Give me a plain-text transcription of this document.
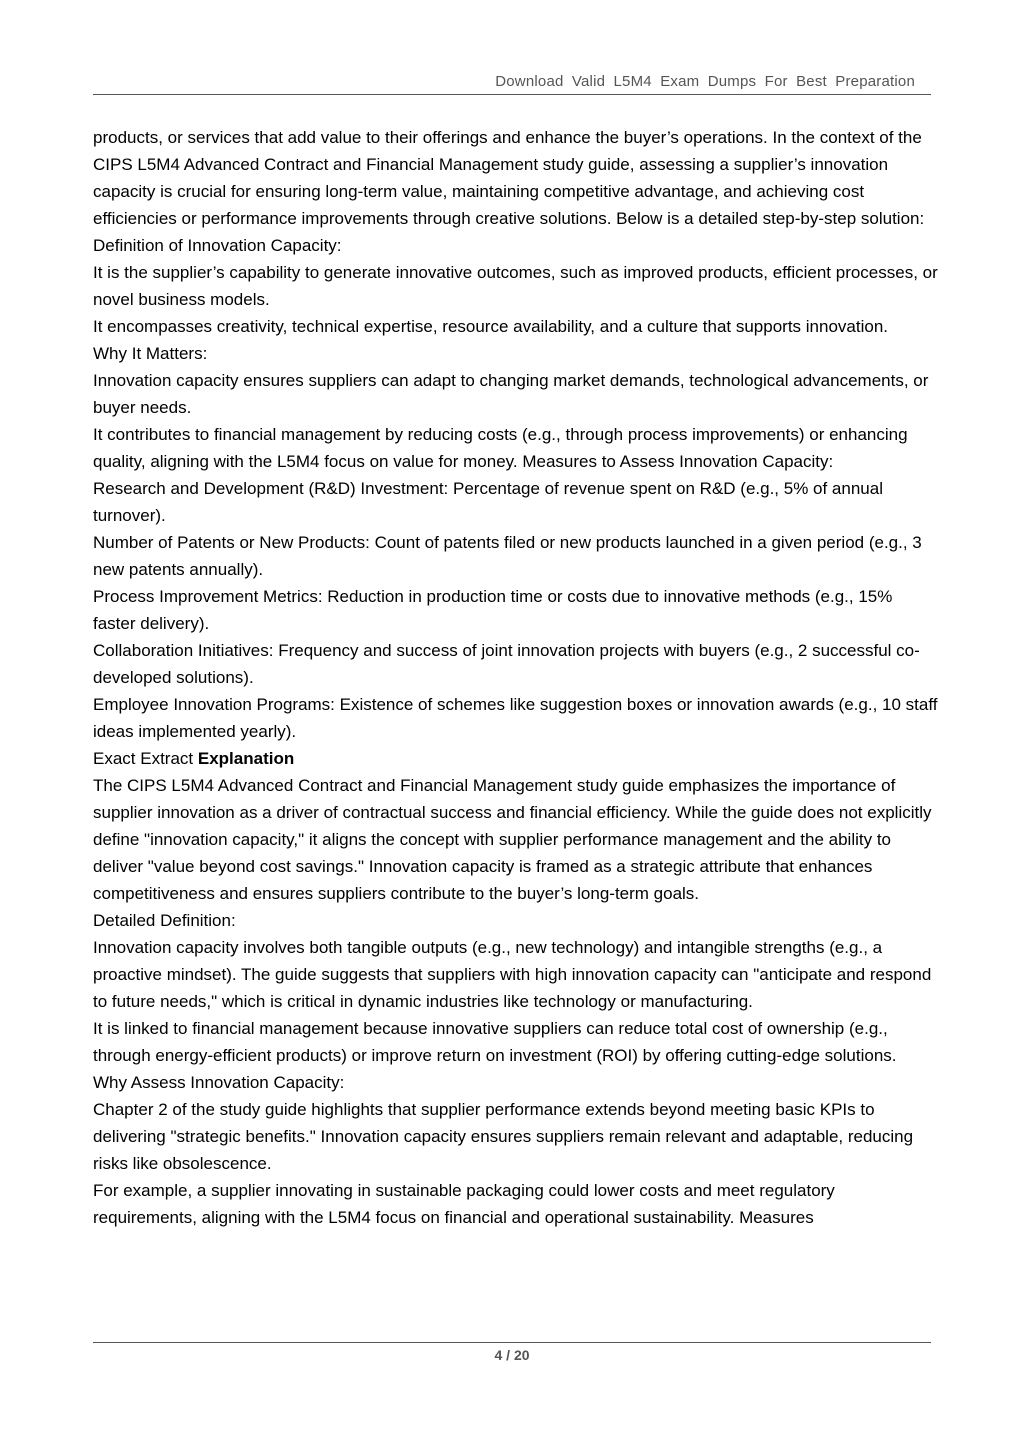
Download Valid L5M4 Exam Dumps For Best Preparation

products, or services that add value to their offerings and enhance the buyer’s operations. In the context of the CIPS L5M4 Advanced Contract and Financial Management study guide, assessing a supplier’s innovation capacity is crucial for ensuring long-term value, maintaining competitive advantage, and achieving cost efficiencies or performance improvements through creative solutions. Below is a detailed step-by-step solution: Definition of Innovation Capacity:

It is the supplier’s capability to generate innovative outcomes, such as improved products, efficient processes, or novel business models.

It encompasses creativity, technical expertise, resource availability, and a culture that supports innovation.

Why It Matters:

Innovation capacity ensures suppliers can adapt to changing market demands, technological advancements, or buyer needs.

It contributes to financial management by reducing costs (e.g., through process improvements) or enhancing quality, aligning with the L5M4 focus on value for money. Measures to Assess Innovation Capacity:

Research and Development (R&D) Investment: Percentage of revenue spent on R&D (e.g., 5% of annual turnover).

Number of Patents or New Products: Count of patents filed or new products launched in a given period (e.g., 3 new patents annually).

Process Improvement Metrics: Reduction in production time or costs due to innovative methods (e.g., 15% faster delivery).

Collaboration Initiatives: Frequency and success of joint innovation projects with buyers (e.g., 2 successful co-developed solutions).

Employee Innovation Programs: Existence of schemes like suggestion boxes or innovation awards (e.g., 10 staff ideas implemented yearly).

Exact Extract Explanation

The CIPS L5M4 Advanced Contract and Financial Management study guide emphasizes the importance of supplier innovation as a driver of contractual success and financial efficiency. While the guide does not explicitly define "innovation capacity," it aligns the concept with supplier performance management and the ability to deliver "value beyond cost savings." Innovation capacity is framed as a strategic attribute that enhances competitiveness and ensures suppliers contribute to the buyer’s long-term goals.

Detailed Definition:

Innovation capacity involves both tangible outputs (e.g., new technology) and intangible strengths (e.g., a proactive mindset). The guide suggests that suppliers with high innovation capacity can "anticipate and respond to future needs," which is critical in dynamic industries like technology or manufacturing.

It is linked to financial management because innovative suppliers can reduce total cost of ownership (e.g., through energy-efficient products) or improve return on investment (ROI) by offering cutting-edge solutions.

Why Assess Innovation Capacity:

Chapter 2 of the study guide highlights that supplier performance extends beyond meeting basic KPIs to delivering "strategic benefits." Innovation capacity ensures suppliers remain relevant and adaptable, reducing risks like obsolescence.

For example, a supplier innovating in sustainable packaging could lower costs and meet regulatory requirements, aligning with the L5M4 focus on financial and operational sustainability. Measures

4 / 20
